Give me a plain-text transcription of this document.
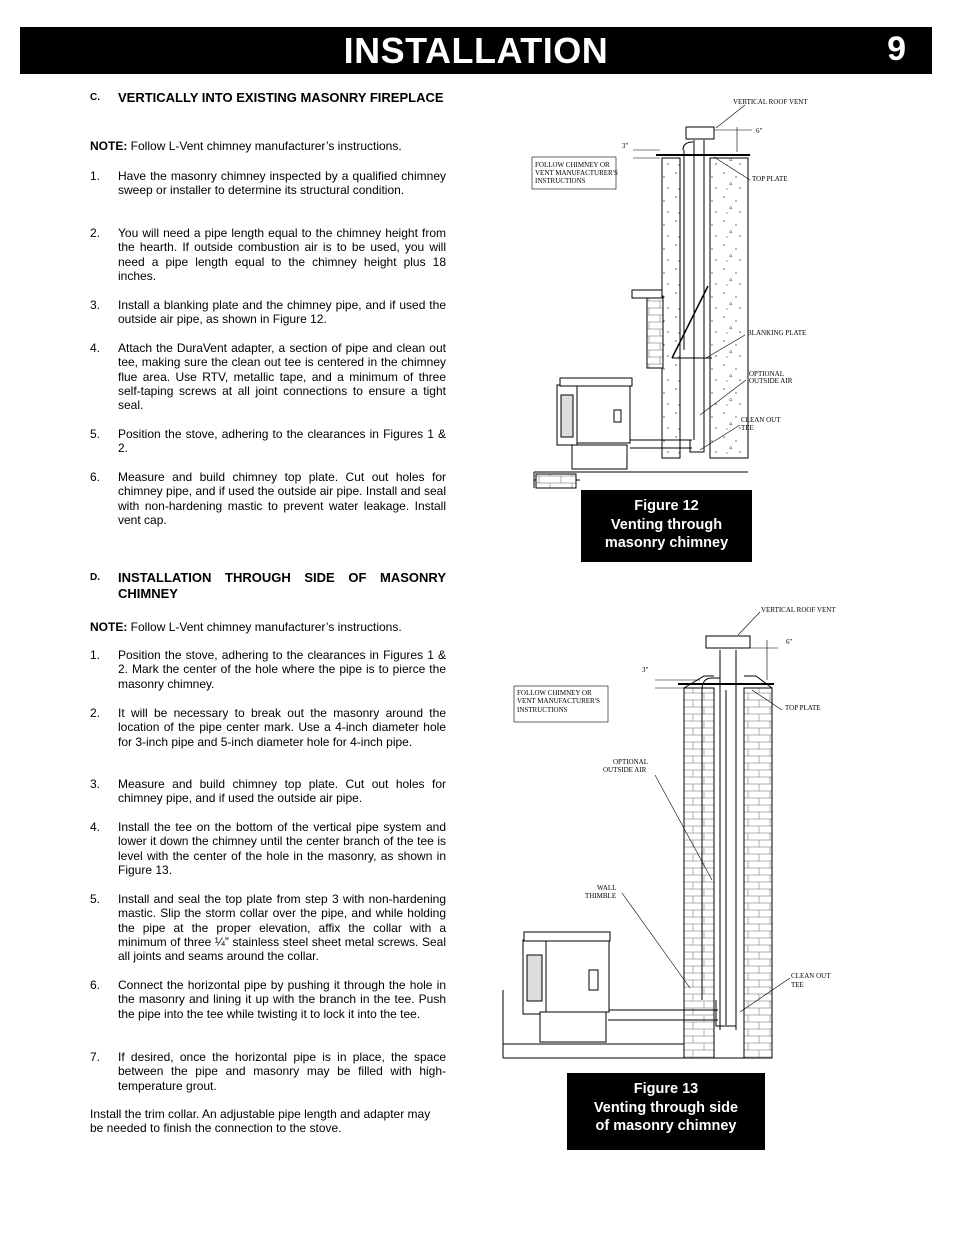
INSTALLATION	9
C.	VERTICALLY INTO EXISTING MASONRY FIREPLACE
NOTE: Follow L-Vent chimney manufacturer’s instructions.
1.	Have the masonry chimney inspected by a qualified chimney sweep or installer to determine its structural condition.
2.	You will need a pipe length equal to the chimney height from the hearth. If outside combustion air is to be used, you will need a pipe length equal to the chimney height plus 18 inches.
3.	Install a blanking plate and the chimney pipe, and if used the outside air pipe, as shown in Figure 12.
4.	Attach the DuraVent adapter, a section of pipe and clean out tee, making sure the clean out tee is centered in the chimney flue area. Use RTV, metallic tape, and a minimum of three self-taping screws at all joint connections to ensure a tight seal.
5.	Position the stove, adhering to the clearances in Figures 1 & 2.
6.	Measure and build chimney top plate. Cut out holes for chimney pipe, and if used the outside air pipe. Install and seal with non-hardening mastic to prevent water leakage. Install vent cap.
D.	INSTALLATION THROUGH SIDE OF MASONRY CHIMNEY
NOTE: Follow L-Vent chimney manufacturer’s instructions.
1.	Position the stove, adhering to the clearances in Figures 1 & 2. Mark the center of the hole where the pipe is to pierce the masonry chimney.
2.	It will be necessary to break out the masonry around the location of the pipe center mark. Use a 4-inch diameter hole for 3-inch pipe and 5-inch diameter hole for 4-inch pipe.
3.	Measure and build chimney top plate. Cut out holes for chimney pipe, and if used the outside air pipe.
4.	Install the tee on the bottom of the vertical pipe system and lower it down the chimney until the center branch of the tee is level with the center of the hole in the masonry, as shown in Figure 13.
5.	Install and seal the top plate from step 3 with non-hardening mastic. Slip the storm collar over the pipe, and while holding the pipe at the proper elevation, affix the collar with a minimum of three ¼” stainless steel sheet metal screws. Seal all joints and seams around the collar.
6.	Connect the horizontal pipe by pushing it through the hole in the masonry and lining it up with the branch in the tee. Push the pipe into the tee while twisting it to lock it into the tee.
7.	If desired, once the horizontal pipe is in place, the space between the pipe and masonry may be filled with high-temperature grout.
Install the trim collar. An adjustable pipe length and adapter may be needed to finish the connection to the stove.
VERTICAL ROOF VENT
6"
3"
FOLLOW CHIMNEY OR
VENT MANUFACTURER'S
INSTRUCTIONS	TOP PLATE
BLANKING PLATE
OPTIONAL
OUTSIDE AIR
CLEAN OUT
TEE
VERTICAL ROOF VENT
6"
3"
FOLLOW CHIMNEY OR
VENT MANUFACTURER'S
INSTRUCTIONS	TOP PLATE
OPTIONAL
OUTSIDE AIR
WALL
THIMBLE
CLEAN OUT
TEE
Figure 12
Venting through
masonry chimney
Figure 13
Venting through side
of masonry chimney
